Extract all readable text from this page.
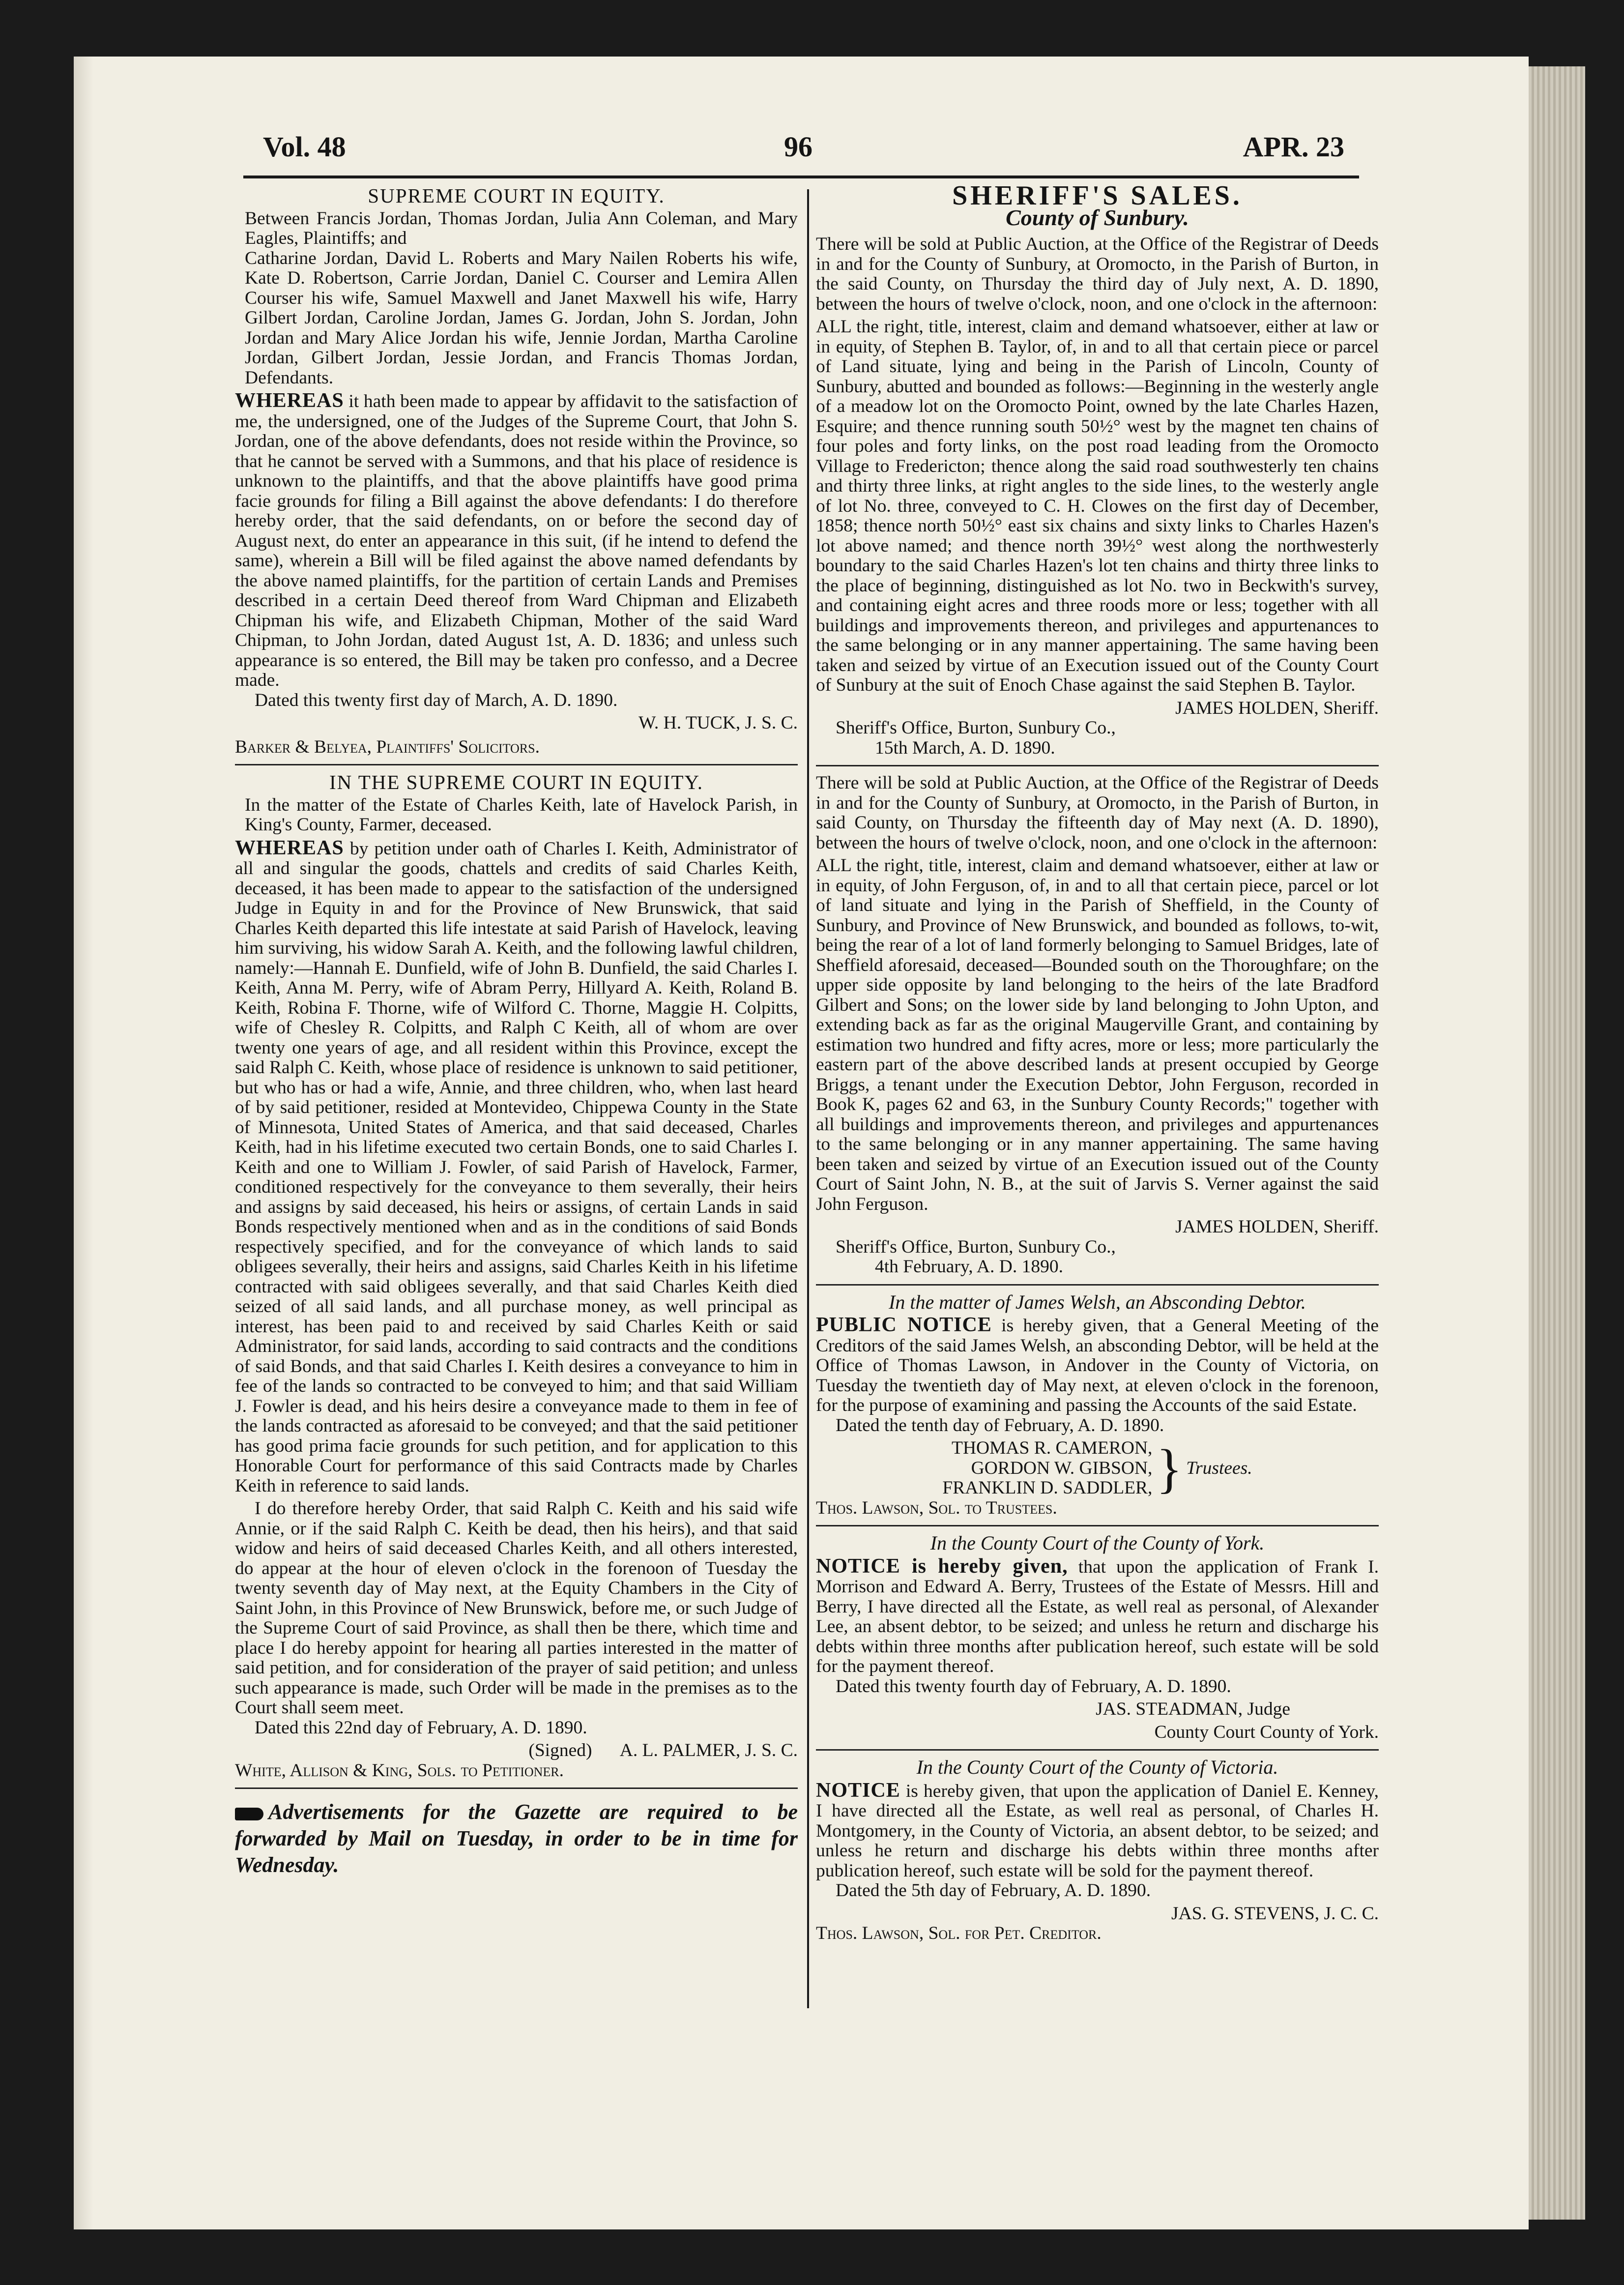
Vol. 48	96	APR. 23
SUPREME COURT IN EQUITY.

Between Francis Jordan, Thomas Jordan, Julia Ann Coleman, and Mary Eagles, Plaintiffs; and

Catharine Jordan, David L. Roberts and Mary Nailen Roberts his wife, Kate D. Robertson, Carrie Jordan, Daniel C. Courser and Lemira Allen Courser his wife, Samuel Maxwell and Janet Maxwell his wife, Harry Gilbert Jordan, Caroline Jordan, James G. Jordan, John S. Jordan, John Jordan and Mary Alice Jordan his wife, Jennie Jordan, Martha Caroline Jordan, Gilbert Jordan, Jessie Jordan, and Francis Thomas Jordan, Defendants.

WHEREAS it hath been made to appear by affidavit to the satisfaction of me, the undersigned, one of the Judges of the Supreme Court, that John S. Jordan, one of the above defendants, does not reside within the Province, so that he cannot be served with a Summons, and that his place of residence is unknown to the plaintiffs, and that the above plaintiffs have good prima facie grounds for filing a Bill against the above defendants: I do therefore hereby order, that the said defendants, on or before the second day of August next, do enter an appearance in this suit, (if he intend to defend the same), wherein a Bill will be filed against the above named defendants by the above named plaintiffs, for the partition of certain Lands and Premises described in a certain Deed thereof from Ward Chipman and Elizabeth Chipman his wife, and Elizabeth Chipman, Mother of the said Ward Chipman, to John Jordan, dated August 1st, A. D. 1836; and unless such appearance is so entered, the Bill may be taken pro confesso, and a Decree made.

Dated this twenty first day of March, A. D. 1890.

W. H. TUCK, J. S. C.

Barker & Belyea, Plaintiffs' Solicitors.

IN THE SUPREME COURT IN EQUITY.

In the matter of the Estate of Charles Keith, late of Havelock Parish, in King's County, Farmer, deceased.

WHEREAS by petition under oath of Charles I. Keith, Administrator of all and singular the goods, chattels and credits of said Charles Keith, deceased, it has been made to appear to the satisfaction of the undersigned Judge in Equity in and for the Province of New Brunswick, that said Charles Keith departed this life intestate at said Parish of Havelock, leaving him surviving, his widow Sarah A. Keith, and the following lawful children, namely:—Hannah E. Dunfield, wife of John B. Dunfield, the said Charles I. Keith, Anna M. Perry, wife of Abram Perry, Hillyard A. Keith, Roland B. Keith, Robina F. Thorne, wife of Wilford C. Thorne, Maggie H. Colpitts, wife of Chesley R. Colpitts, and Ralph C Keith, all of whom are over twenty one years of age, and all resident within this Province, except the said Ralph C. Keith, whose place of residence is unknown to said petitioner, but who has or had a wife, Annie, and three children, who, when last heard of by said petitioner, resided at Montevideo, Chippewa County in the State of Minnesota, United States of America, and that said deceased, Charles Keith, had in his lifetime executed two certain Bonds, one to said Charles I. Keith and one to William J. Fowler, of said Parish of Havelock, Farmer, conditioned respectively for the conveyance to them severally, their heirs and assigns by said deceased, his heirs or assigns, of certain Lands in said Bonds respectively mentioned when and as in the conditions of said Bonds respectively specified, and for the conveyance of which lands to said obligees severally, their heirs and assigns, said Charles Keith in his lifetime contracted with said obligees severally, and that said Charles Keith died seized of all said lands, and all purchase money, as well principal as interest, has been paid to and received by said Charles Keith or said Administrator, for said lands, according to said contracts and the conditions of said Bonds, and that said Charles I. Keith desires a conveyance to him in fee of the lands so contracted to be conveyed to him; and that said William J. Fowler is dead, and his heirs desire a conveyance made to them in fee of the lands contracted as aforesaid to be conveyed; and that the said petitioner has good prima facie grounds for such petition, and for application to this Honorable Court for performance of this said Contracts made by Charles Keith in reference to said lands.

I do therefore hereby Order, that said Ralph C. Keith and his said wife Annie, or if the said Ralph C. Keith be dead, then his heirs), and that said widow and heirs of said deceased Charles Keith, and all others interested, do appear at the hour of eleven o'clock in the forenoon of Tuesday the twenty seventh day of May next, at the Equity Chambers in the City of Saint John, in this Province of New Brunswick, before me, or such Judge of the Supreme Court of said Province, as shall then be there, which time and place I do hereby appoint for hearing all parties interested in the matter of said petition, and for consideration of the prayer of said petition; and unless such appearance is made, such Order will be made in the premises as to the Court shall seem meet.

Dated this 22nd day of February, A. D. 1890.

(Signed) A. L. PALMER, J. S. C.

White, Allison & King, Sols. to Petitioner.

Advertisements for the Gazette are required to be forwarded by Mail on Tuesday, in order to be in time for Wednesday.

SHERIFF'S SALES.
County of Sunbury.

There will be sold at Public Auction, at the Office of the Registrar of Deeds in and for the County of Sunbury, at Oromocto, in the Parish of Burton, in the said County, on Thursday the third day of July next, A. D. 1890, between the hours of twelve o'clock, noon, and one o'clock in the afternoon:

ALL the right, title, interest, claim and demand whatsoever, either at law or in equity, of Stephen B. Taylor, of, in and to all that certain piece or parcel of Land situate, lying and being in the Parish of Lincoln, County of Sunbury, abutted and bounded as follows:—Beginning in the westerly angle of a meadow lot on the Oromocto Point, owned by the late Charles Hazen, Esquire; and thence running south 50½° west by the magnet ten chains of four poles and forty links, on the post road leading from the Oromocto Village to Fredericton; thence along the said road southwesterly ten chains and thirty three links, at right angles to the side lines, to the westerly angle of lot No. three, conveyed to C. H. Clowes on the first day of December, 1858; thence north 50½° east six chains and sixty links to Charles Hazen's lot above named; and thence north 39½° west along the northwesterly boundary to the said Charles Hazen's lot ten chains and thirty three links to the place of beginning, distinguished as lot No. two in Beckwith's survey, and containing eight acres and three roods more or less; together with all buildings and improvements thereon, and privileges and appurtenances to the same belonging or in any manner appertaining. The same having been taken and seized by virtue of an Execution issued out of the County Court of Sunbury at the suit of Enoch Chase against the said Stephen B. Taylor.

JAMES HOLDEN, Sheriff.

Sheriff's Office, Burton, Sunbury Co.,

15th March, A. D. 1890.

There will be sold at Public Auction, at the Office of the Registrar of Deeds in and for the County of Sunbury, at Oromocto, in the Parish of Burton, in said County, on Thursday the fifteenth day of May next (A. D. 1890), between the hours of twelve o'clock, noon, and one o'clock in the afternoon:

ALL the right, title, interest, claim and demand whatsoever, either at law or in equity, of John Ferguson, of, in and to all that certain piece, parcel or lot of land situate and lying in the Parish of Sheffield, in the County of Sunbury, and Province of New Brunswick, and bounded as follows, to-wit, being the rear of a lot of land formerly belonging to Samuel Bridges, late of Sheffield aforesaid, deceased—Bounded south on the Thoroughfare; on the upper side opposite by land belonging to the heirs of the late Bradford Gilbert and Sons; on the lower side by land belonging to John Upton, and extending back as far as the original Maugerville Grant, and containing by estimation two hundred and fifty acres, more or less; more particularly the eastern part of the above described lands at present occupied by George Briggs, a tenant under the Execution Debtor, John Ferguson, recorded in Book K, pages 62 and 63, in the Sunbury County Records;" together with all buildings and improvements thereon, and privileges and appurtenances to the same belonging or in any manner appertaining. The same having been taken and seized by virtue of an Execution issued out of the County Court of Saint John, N. B., at the suit of Jarvis S. Verner against the said John Ferguson.

JAMES HOLDEN, Sheriff.

Sheriff's Office, Burton, Sunbury Co.,

4th February, A. D. 1890.

In the matter of James Welsh, an Absconding Debtor.

PUBLIC NOTICE is hereby given, that a General Meeting of the Creditors of the said James Welsh, an absconding Debtor, will be held at the Office of Thomas Lawson, in Andover in the County of Victoria, on Tuesday the twentieth day of May next, at eleven o'clock in the forenoon, for the purpose of examining and passing the Accounts of the said Estate.

Dated the tenth day of February, A. D. 1890.

THOMAS R. CAMERON,
GORDON W. GIBSON,
FRANKLIN D. SADDLER, } Trustees.

Thos. Lawson, Sol. to Trustees.

In the County Court of the County of York.

NOTICE is hereby given, that upon the application of Frank I. Morrison and Edward A. Berry, Trustees of the Estate of Messrs. Hill and Berry, I have directed all the Estate, as well real as personal, of Alexander Lee, an absent debtor, to be seized; and unless he return and discharge his debts within three months after publication hereof, such estate will be sold for the payment thereof.

Dated this twenty fourth day of February, A. D. 1890.

JAS. STEADMAN, Judge

County Court County of York.

In the County Court of the County of Victoria.

NOTICE is hereby given, that upon the application of Daniel E. Kenney, I have directed all the Estate, as well real as personal, of Charles H. Montgomery, in the County of Victoria, an absent debtor, to be seized; and unless he return and discharge his debts within three months after publication hereof, such estate will be sold for the payment thereof.

Dated the 5th day of February, A. D. 1890.

JAS. G. STEVENS, J. C. C.

Thos. Lawson, Sol. for Pet. Creditor.
